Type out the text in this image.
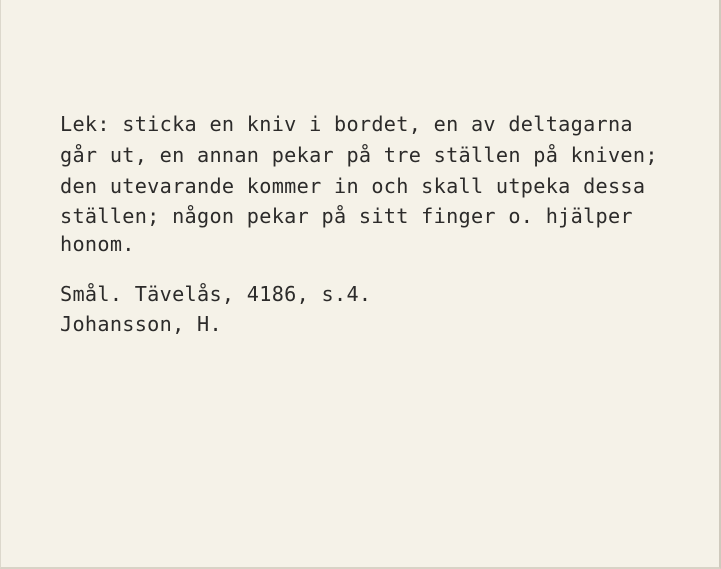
Lek: sticka en kniv i bordet, en av deltagarna

går ut, en annan pekar på tre ställen på kniven;

den utevarande kommer in och skall utpeka dessa

ställen; någon pekar på sitt finger o. hjälper

honom.

Smål. Tävelås, 4186, s.4.

Johansson, H.
